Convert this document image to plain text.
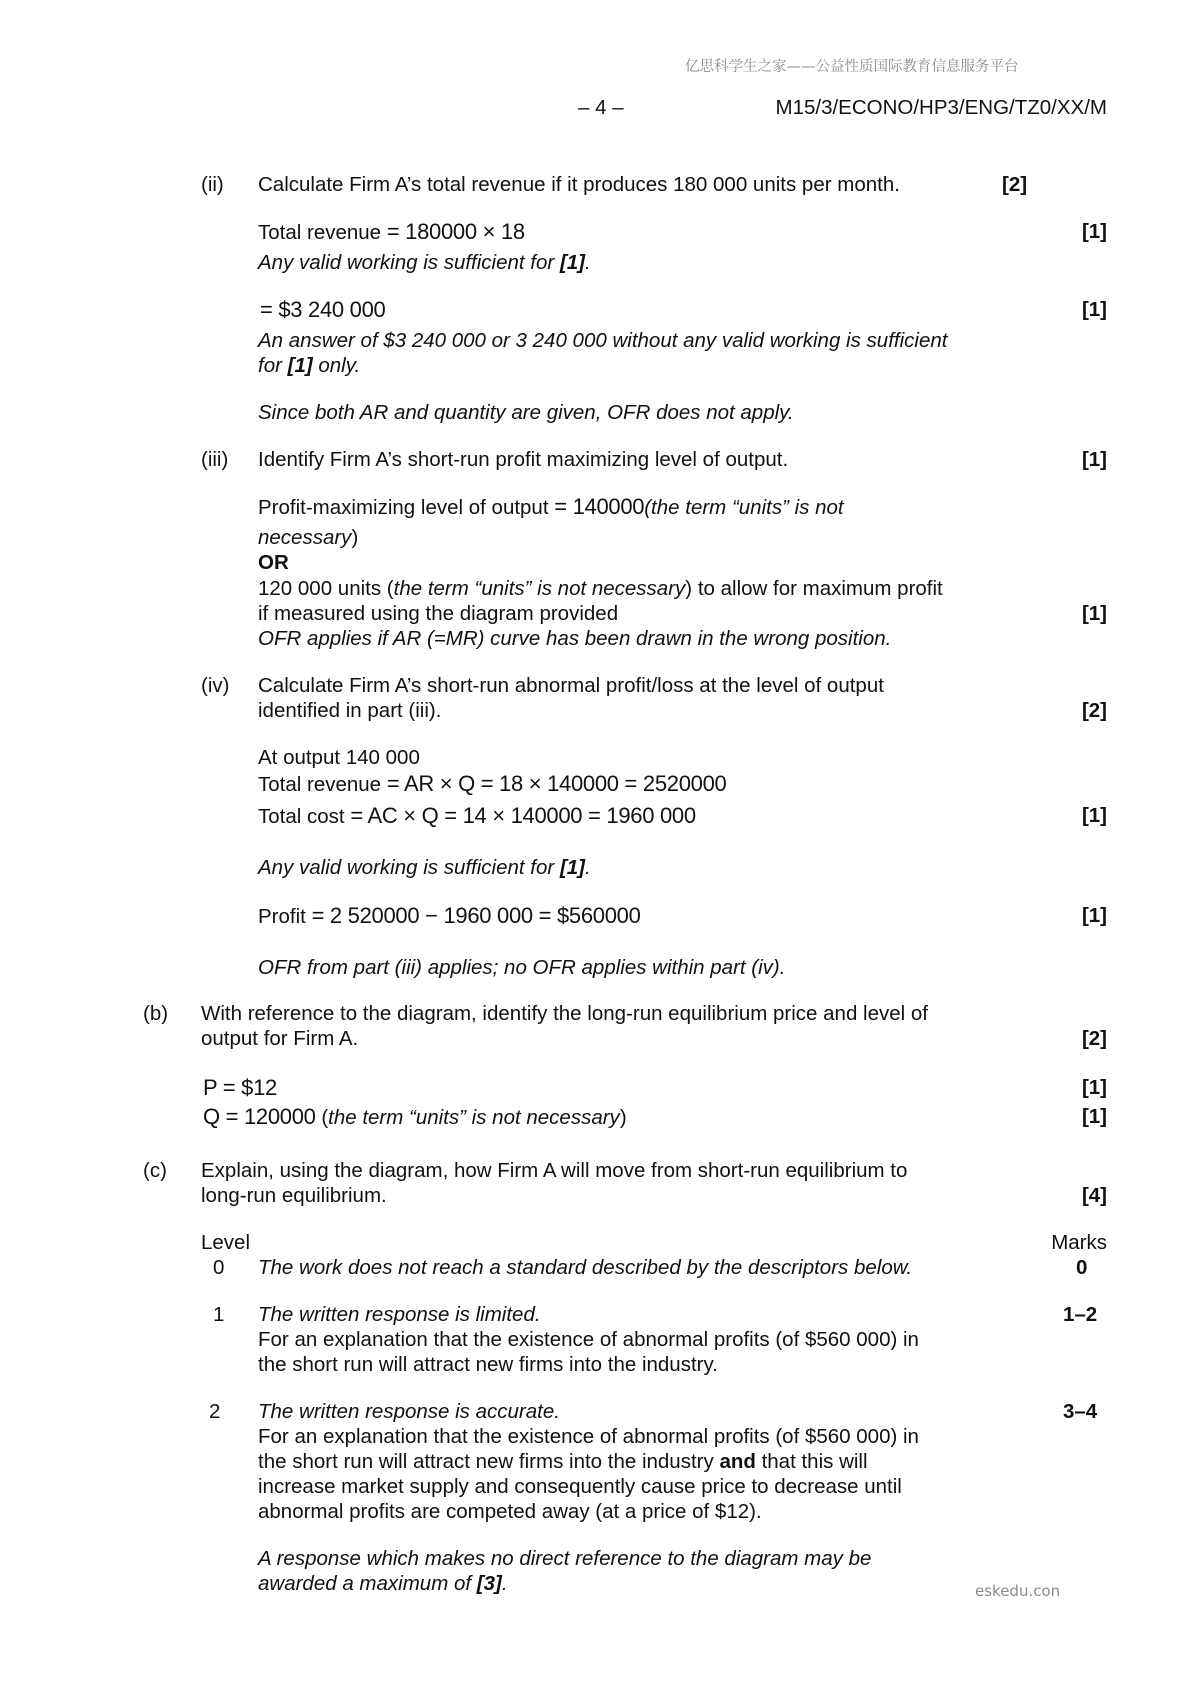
亿思科学生之家——公益性质国际教育信息服务平台
– 4 –	M15/3/ECONO/HP3/ENG/TZ0/XX/M
(ii) Calculate Firm A’s total revenue if it produces 180 000 units per month.	[2]
Total revenue = 180000 × 18	[1]
Any valid working is sufficient for [1].
= $3 240 000	[1]
An answer of $3 240 000 or 3 240 000 without any valid working is sufficient
for [1] only.
Since both AR and quantity are given, OFR does not apply.
(iii) Identify Firm A’s short-run profit maximizing level of output.	[1]
Profit-maximizing level of output = 140000(the term “units” is not
necessary)
OR
120 000 units (the term “units” is not necessary) to allow for maximum profit
if measured using the diagram provided	[1]
OFR applies if AR (=MR) curve has been drawn in the wrong position.
(iv) Calculate Firm A’s short-run abnormal profit/loss at the level of output
identified in part (iii).	[2]
At output 140 000
Total revenue = AR × Q = 18 × 140000 = 2520000
Total cost = AC × Q = 14 × 140000 = 1960 000	[1]
Any valid working is sufficient for [1].
Profit = 2 520000 − 1960 000 = $560000	[1]
OFR from part (iii) applies; no OFR applies within part (iv).
(b) With reference to the diagram, identify the long-run equilibrium price and level of
output for Firm A.	[2]
P = $12	[1]
Q = 120000 (the term “units” is not necessary)	[1]
(c) Explain, using the diagram, how Firm A will move from short-run equilibrium to
long-run equilibrium.	[4]
Level	Marks
0 The work does not reach a standard described by the descriptors below.	0
1 The written response is limited.	1–2
For an explanation that the existence of abnormal profits (of $560 000) in
the short run will attract new firms into the industry.
2 The written response is accurate.	3–4
For an explanation that the existence of abnormal profits (of $560 000) in
the short run will attract new firms into the industry and that this will
increase market supply and consequently cause price to decrease until
abnormal profits are competed away (at a price of $12).
A response which makes no direct reference to the diagram may be
awarded a maximum of [3].	eskedu.con
